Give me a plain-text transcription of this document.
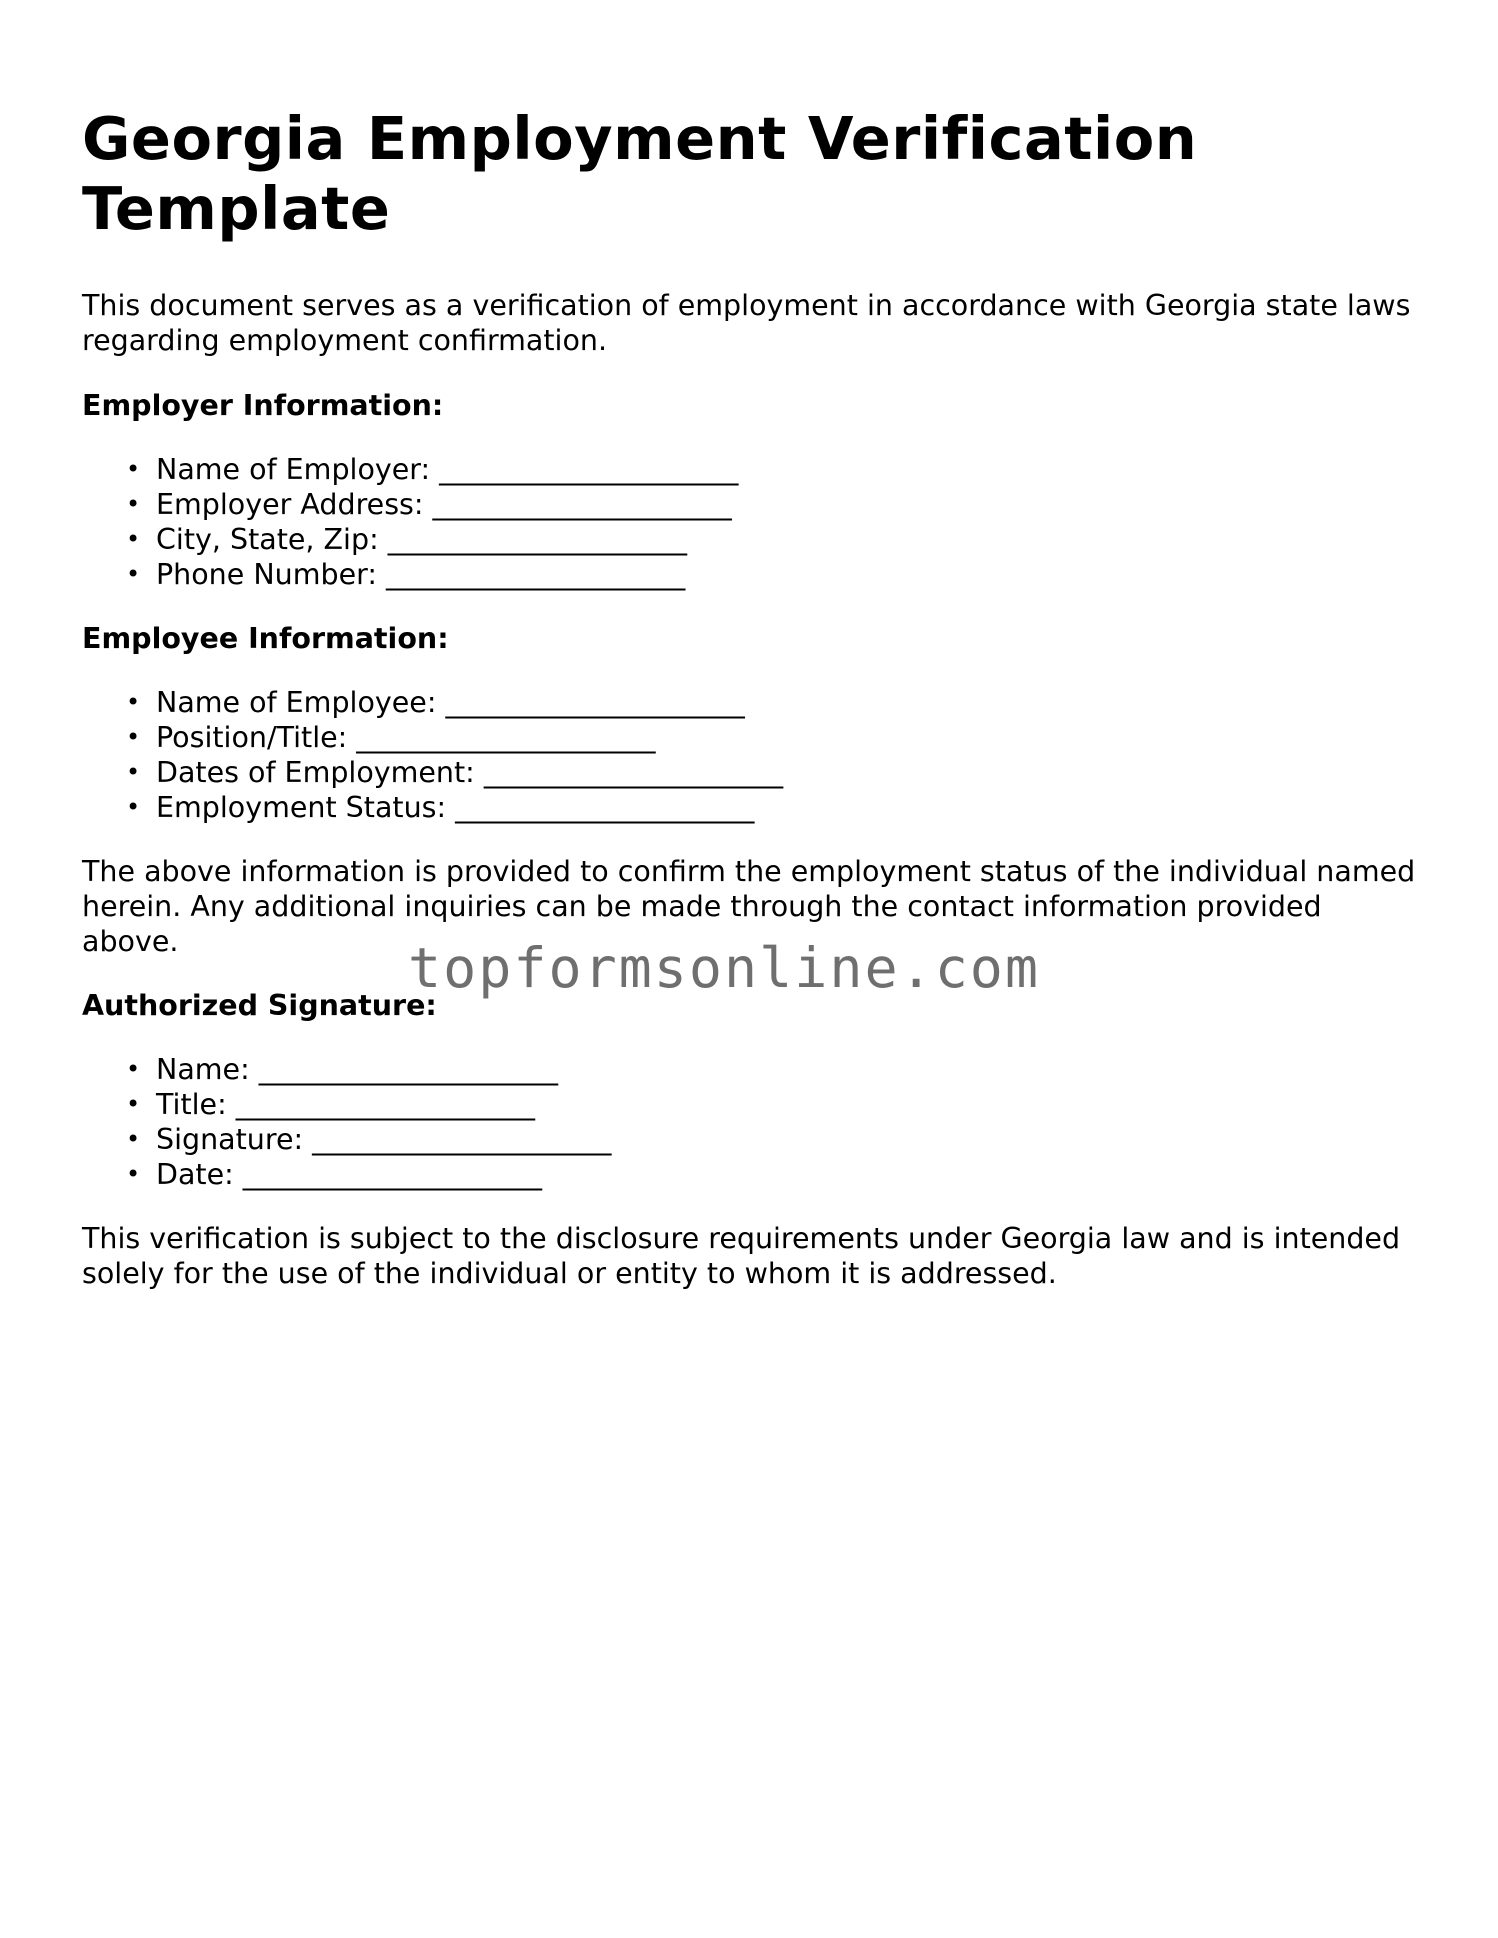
Georgia Employment Verification Template

This document serves as a verification of employment in accordance with Georgia state laws regarding employment confirmation.

Employer Information:
• Name of Employer: _____________________
• Employer Address: _____________________
• City, State, Zip: _____________________
• Phone Number: _____________________
Employee Information:
• Name of Employee: _____________________
• Position/Title: _____________________
• Dates of Employment: _____________________
• Employment Status: _____________________

The above information is provided to confirm the employment status of the individual named herein. Any additional inquiries can be made through the contact information provided above.

Authorized Signature:
• Name: _____________________
• Title: _____________________
• Signature: _____________________
• Date: _____________________

This verification is subject to the disclosure requirements under Georgia law and is intended solely for the use of the individual or entity to whom it is addressed.

topformsonline.com
